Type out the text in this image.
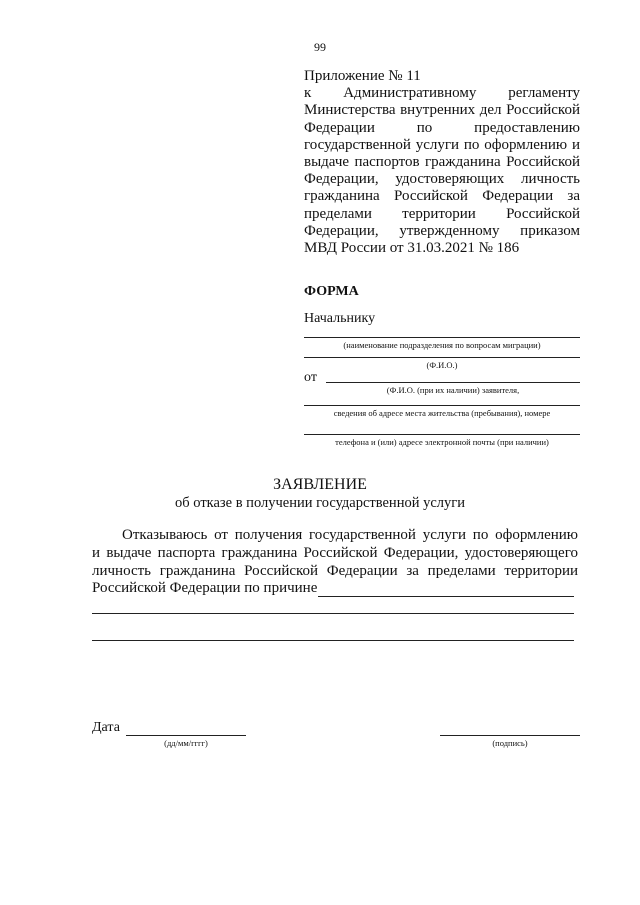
99
Приложение № 11
к Административному регламенту
Министерства внутренних дел Российской
Федерации по предоставлению
государственной услуги по оформлению и
выдаче паспортов гражданина Российской
Федерации, удостоверяющих личность
гражданина Российской Федерации за
пределами территории Российской
Федерации, утвержденному приказом
МВД России от 31.03.2021 № 186
ФОРМА
Начальнику
(наименование подразделения по вопросам миграции)
(Ф.И.О.)
от
(Ф.И.О. (при их наличии) заявителя,
сведения об адресе места жительства (пребывания), номере
телефона и (или) адресе электронной почты (при наличии)
ЗАЯВЛЕНИЕ
об отказе в получении государственной услуги
Отказываюсь от получения государственной услуги по оформлению
и выдаче паспорта гражданина Российской Федерации, удостоверяющего
личность гражданина Российской Федерации за пределами территории
Российской Федерации по причине
Дата
(дд/мм/гггг)	(подпись)
